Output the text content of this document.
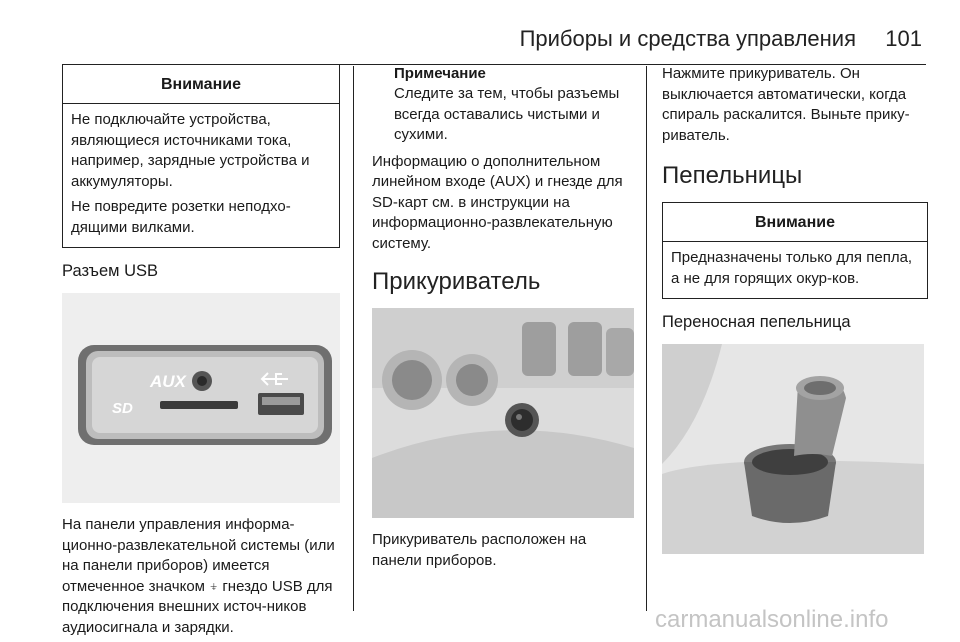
Приборы и средства управления 101
Внимание

Не подключайте устройства, являющиеся источниками тока, например, зарядные устройства и аккумуляторы.

Не повредите розетки неподхо-дящими вилками.

Разъем USB
AUX
SD

На панели управления информа-ционно-развлекательной системы (или на панели приборов) имеется отмеченное значком ⍖ гнездо USB для подключения внешних источ-ников аудиосигнала и зарядки.

Примечание
Следите за тем, чтобы разъемы всегда оставались чистыми и сухими.

Информацию о дополнительном линейном входе (AUX) и гнезде для SD-карт см. в инструкции на информационно-развлекательную систему.

Прикуриватель

Прикуриватель расположен на панели приборов.

Нажмите прикуриватель. Он выключается автоматически, когда спираль раскалится. Выньте прику-риватель.

Пепельницы
Внимание

Предназначены только для пепла, а не для горящих окур-ков.

Переносная пепельница
carmanualsonline.info
